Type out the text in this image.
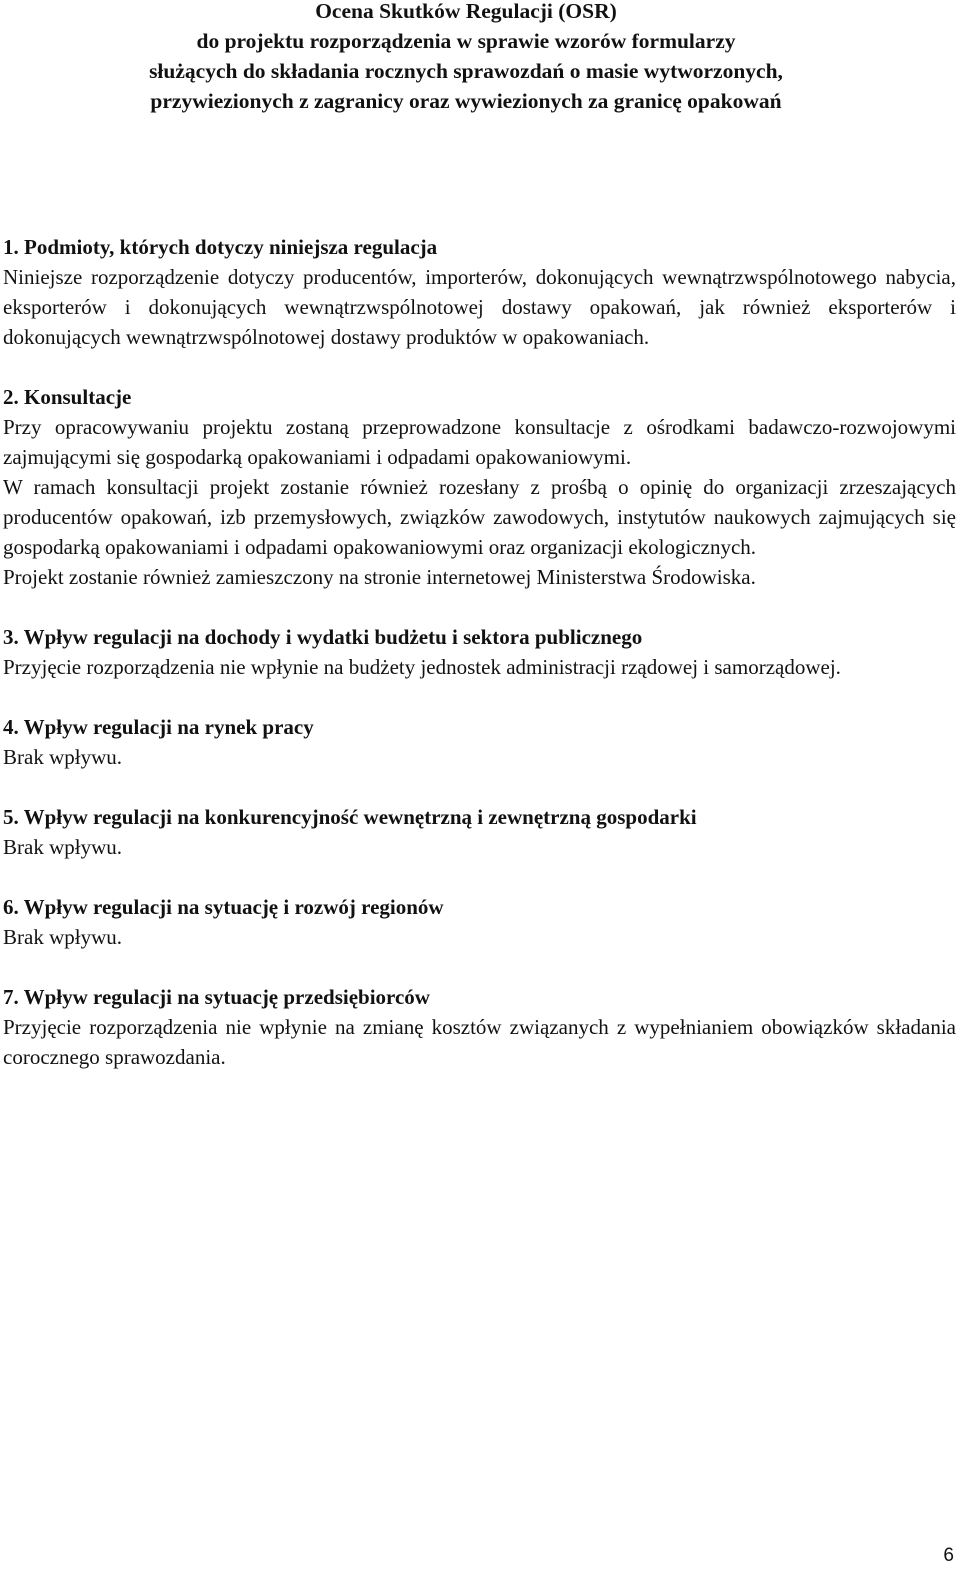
Ocena Skutków Regulacji (OSR)
do projektu rozporządzenia w sprawie wzorów formularzy
służących do składania rocznych sprawozdań o masie wytworzonych,
przywiezionych z zagranicy oraz wywiezionych za granicę opakowań
1. Podmioty, których dotyczy niniejsza regulacja
Niniejsze rozporządzenie dotyczy producentów, importerów, dokonujących wewnątrzwspólnotowego nabycia, eksporterów i dokonujących wewnątrzwspólnotowej dostawy opakowań, jak również eksporterów i dokonujących wewnątrzwspólnotowej dostawy produktów w opakowaniach.
2. Konsultacje
Przy opracowywaniu projektu zostaną przeprowadzone konsultacje z ośrodkami badawczo-rozwojowymi zajmującymi się gospodarką opakowaniami i odpadami opakowaniowymi.
W ramach konsultacji projekt zostanie również rozesłany z prośbą o opinię do organizacji zrzeszających producentów opakowań, izb przemysłowych, związków zawodowych, instytutów naukowych zajmujących się gospodarką opakowaniami i odpadami opakowaniowymi oraz organizacji ekologicznych.
Projekt zostanie również zamieszczony na stronie internetowej Ministerstwa Środowiska.
3. Wpływ regulacji na dochody i wydatki budżetu i sektora publicznego
Przyjęcie rozporządzenia nie wpłynie na budżety jednostek administracji rządowej i samorządowej.
4. Wpływ regulacji na rynek pracy
Brak wpływu.
5. Wpływ regulacji na konkurencyjność wewnętrzną i zewnętrzną gospodarki
Brak wpływu.
6. Wpływ regulacji na sytuację i rozwój regionów
Brak wpływu.
7. Wpływ regulacji na sytuację przedsiębiorców
Przyjęcie rozporządzenia nie wpłynie na zmianę kosztów związanych z wypełnianiem obowiązków składania corocznego sprawozdania.
6
